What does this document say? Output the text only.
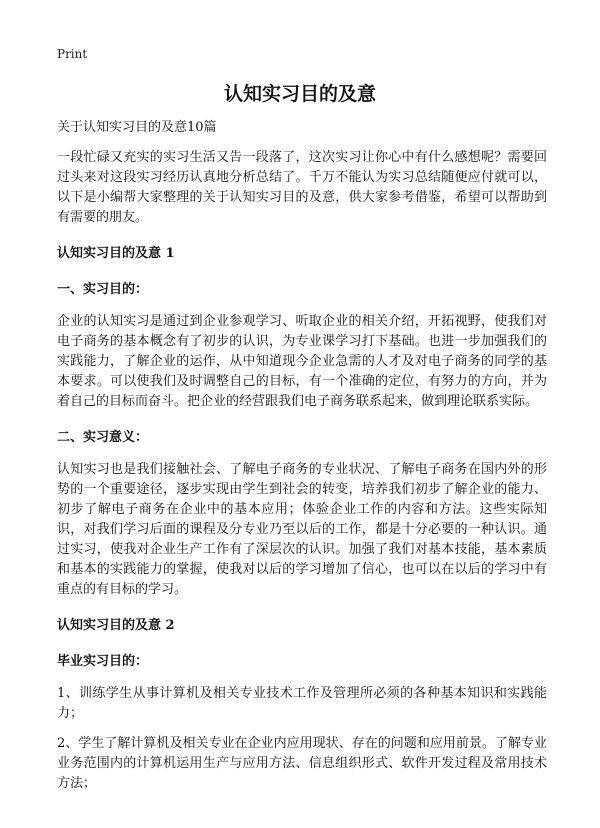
Print
认知实习目的及意

关于认知实习目的及意10篇

一段忙碌又充实的实习生活又告一段落了，这次实习让你心中有什么感想呢？需要回过头来对这段实习经历认真地分析总结了。千万不能认为实习总结随便应付就可以，以下是小编帮大家整理的关于认知实习目的及意，供大家参考借鉴，希望可以帮助到有需要的朋友。

认知实习目的及意 1
一、实习目的：

企业的认知实习是通过到企业参观学习、听取企业的相关介绍，开拓视野，使我们对电子商务的基本概念有了初步的认识，为专业课学习打下基础。也进一步加强我们的实践能力，了解企业的运作，从中知道现今企业急需的人才及对电子商务的同学的基本要求。可以使我们及时调整自己的目标，有一个准确的定位，有努力的方向，并为着自己的目标而奋斗。把企业的经营跟我们电子商务联系起来，做到理论联系实际。

二、实习意义：

认知实习也是我们接触社会、了解电子商务的专业状况、了解电子商务在国内外的形势的一个重要途径，逐步实现由学生到社会的转变，培养我们初步了解企业的能力、初步了解电子商务在企业中的基本应用；体验企业工作的内容和方法。这些实际知识，对我们学习后面的课程及分专业乃至以后的工作，都是十分必要的一种认识。通过实习，使我对企业生产工作有了深层次的认识。加强了我们对基本技能，基本素质和基本的实践能力的掌握，使我对以后的学习增加了信心，也可以在以后的学习中有重点的有目标的学习。

认知实习目的及意 2
毕业实习目的：

1、训练学生从事计算机及相关专业技术工作及管理所必须的各种基本知识和实践能力；

2、学生了解计算机及相关专业在企业内应用现状、存在的问题和应用前景。了解专业业务范围内的计算机运用生产与应用方法、信息组织形式、软件开发过程及常用技术方法；
